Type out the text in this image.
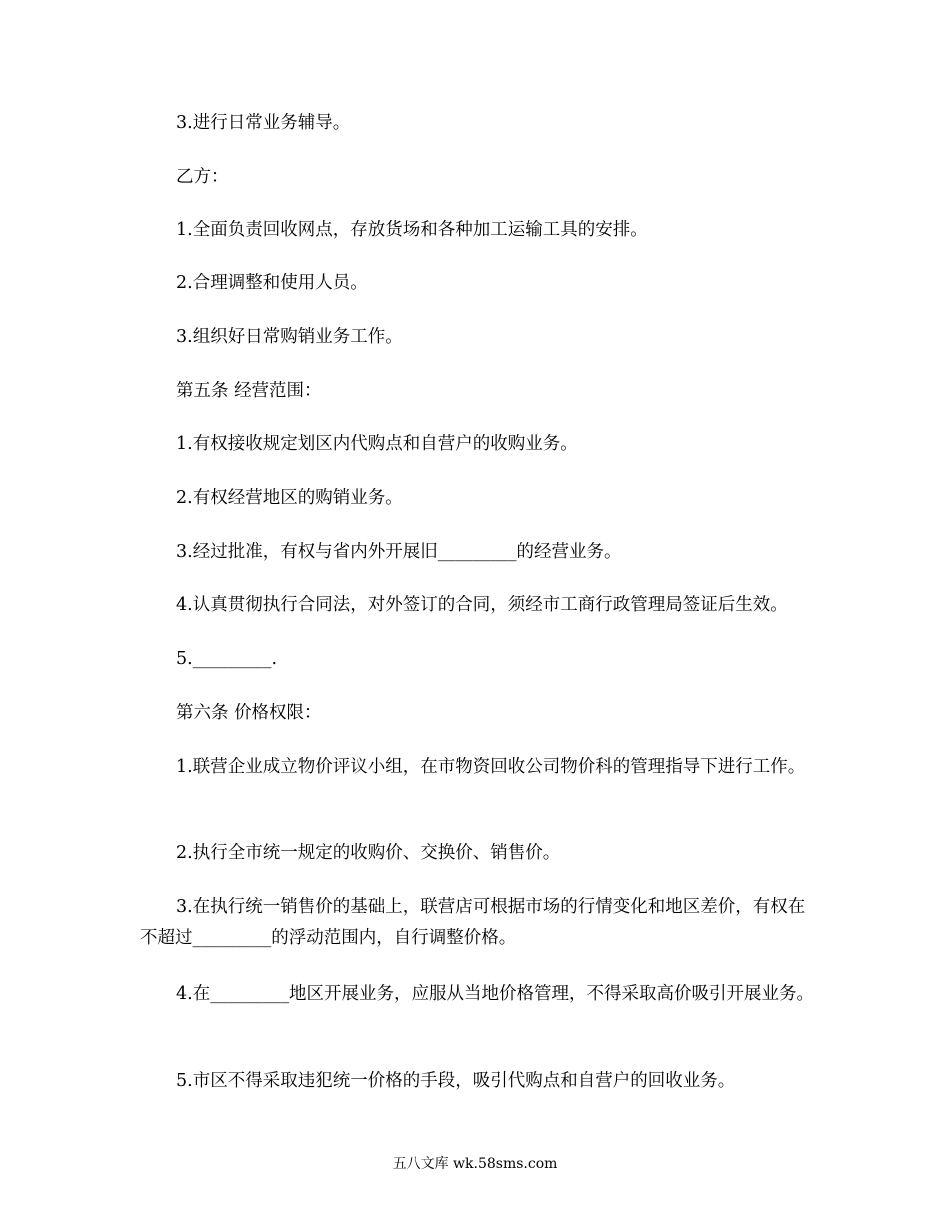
3.进行日常业务辅导。

乙方：

1.全面负责回收网点，存放货场和各种加工运输工具的安排。

2.合理调整和使用人员。

3.组织好日常购销业务工作。

第五条 经营范围：

1.有权接收规定划区内代购点和自营户的收购业务。

2.有权经营地区的购销业务。

3.经过批准，有权与省内外开展旧_________的经营业务。

4.认真贯彻执行合同法，对外签订的合同，须经市工商行政管理局签证后生效。

5._________.

第六条 价格权限：

1.联营企业成立物价评议小组，在市物资回收公司物价科的管理指导下进行工作。

2.执行全市统一规定的收购价、交换价、销售价。

3.在执行统一销售价的基础上，联营店可根据市场的行情变化和地区差价，有权在不超过_________的浮动范围内，自行调整价格。

4.在_________地区开展业务，应服从当地价格管理，不得采取高价吸引开展业务。

5.市区不得采取违犯统一价格的手段，吸引代购点和自营户的回收业务。

五八文库 wk.58sms.com
